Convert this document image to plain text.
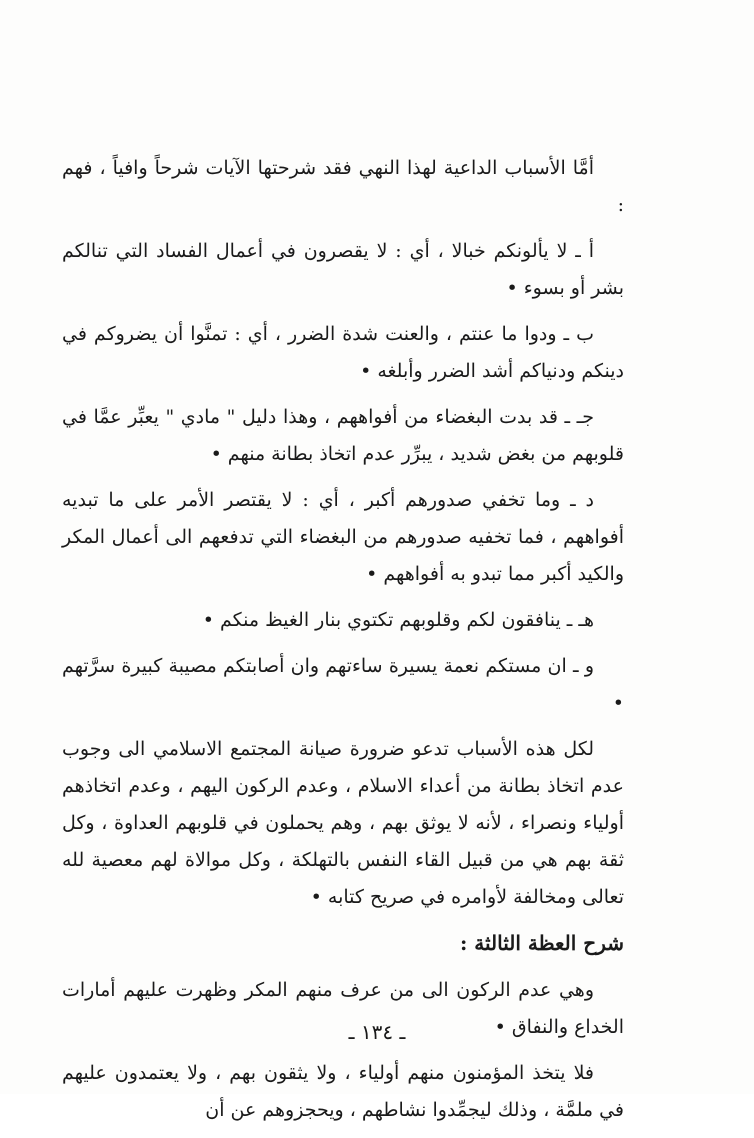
أمَّا الأسباب الداعية لهذا النهي فقد شرحتها الآيات شرحاً وافياً ، فهم :

أ ـ لا يألونكم خبالا ، أي : لا يقصرون في أعمال الفساد التي تنالكم بشر أو بسوء •

ب ـ ودوا ما عنتم ، والعنت شدة الضرر ، أي : تمنَّوا أن يضروكم في دينكم ودنياكم أشد الضرر وأبلغه •

جـ ـ قد بدت البغضاء من أفواههم ، وهذا دليل " مادي " يعبِّر عمَّا في قلوبهم من بغض شديد ، يبرِّر عدم اتخاذ بطانة منهم •

د ـ وما تخفي صدورهم أكبر ، أي : لا يقتصر الأمر على ما تبديه أفواههم ، فما تخفيه صدورهم من البغضاء التي تدفعهم الى أعمال المكر والكيد أكبر مما تبدو به أفواههم •

هـ ـ ينافقون لكم وقلوبهم تكتوي بنار الغيظ منكم •

و ـ ان مستكم نعمة يسيرة ساءتهم وان أصابتكم مصيبة كبيرة سرَّتهم •

لكل هذه الأسباب تدعو ضرورة صيانة المجتمع الاسلامي الى وجوب عدم اتخاذ بطانة من أعداء الاسلام ، وعدم الركون اليهم ، وعدم اتخاذهم أولياء ونصراء ، لأنه لا يوثق بهم ، وهم يحملون في قلوبهم العداوة ، وكل ثقة بهم هي من قبيل القاء النفس بالتهلكة ، وكل موالاة لهم معصية لله تعالى ومخالفة لأوامره في صريح كتابه •

شرح العظة الثالثة :

وهي عدم الركون الى من عرف منهم المكر وظهرت عليهم أمارات الخداع والنفاق •

فلا يتخذ المؤمنون منهم أولياء ، ولا يثقون بهم ، ولا يعتمدون عليهم في ملمَّة ، وذلك ليجمِّدوا نشاطهم ، ويحجزوهم عن أن

ـ ١٣٤ ـ
